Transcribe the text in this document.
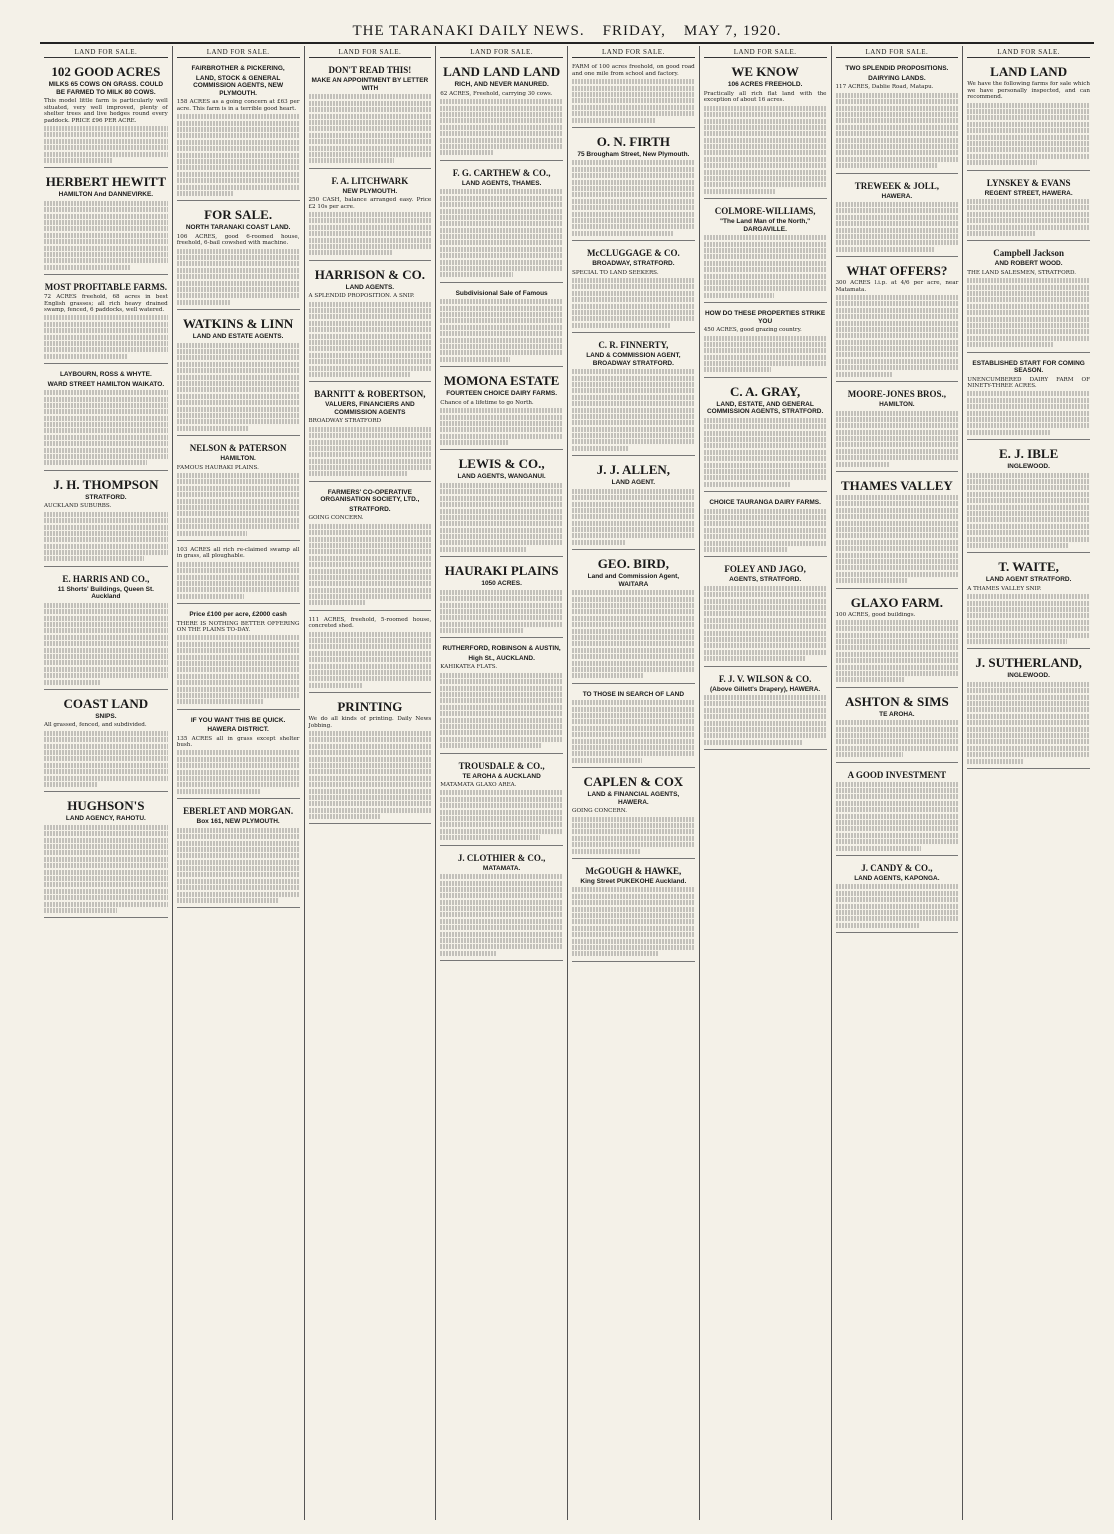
THE TARANAKI DAILY NEWS. FRIDAY, MAY 7, 1920.
LAND FOR SALE.
102 GOOD ACRES
MILKS 65 COWS ON GRASS. COULD BE FARMED TO MILK 80 COWS.
This model little farm is particularly well situated, very well improved, plenty of shelter trees and live hedges round every paddock. PRICE £96 PER ACRE.
HERBERT HEWITT
HAMILTON And DANNEVIRKE.
MOST PROFITABLE FARMS.
72 ACRES freehold, 68 acres in best English grasses; all rich heavy drained swamp, fenced, 6 paddocks, well watered.
LAYBOURN, ROSS & WHYTE.
WARD STREET HAMILTON WAIKATO.
J. H. THOMPSON
STRATFORD.
AUCKLAND SUBURBS.
E. HARRIS AND CO.,
11 Shorts' Buildings, Queen St. Auckland
COAST LAND
SNIPS.
All grassed, fenced, and subdivided.
HUGHSON'S
LAND AGENCY, RAHOTU.
LAND FOR SALE.
FAIRBROTHER & PICKERING,
LAND, STOCK & GENERAL COMMISSION AGENTS, NEW PLYMOUTH.
158 ACRES as a going concern at £63 per acre. This farm is in a terrible good heart.
FOR SALE.
NORTH TARANAKI COAST LAND.
106 ACRES, good 6-roomed house, freehold, 6-bail cowshed with machine.
WATKINS & LINN
LAND AND ESTATE AGENTS.
NELSON & PATERSON
HAMILTON.
FAMOUS HAURAKI PLAINS.
103 ACRES all rich re-claimed swamp all in grass, all ploughable.
Price £100 per acre, £2000 cash
THERE IS NOTHING BETTER OFFERING ON THE PLAINS TO-DAY.
IF YOU WANT THIS BE QUICK.
HAWERA DISTRICT.
135 ACRES all in grass except shelter bush.
EBERLET AND MORGAN.
Box 161, NEW PLYMOUTH.
LAND FOR SALE.
DON'T READ THIS!
MAKE AN APPOINTMENT BY LETTER WITH
F. A. LITCHWARK
NEW PLYMOUTH.
250 CASH, balance arranged easy. Price £2 10s per acre.
HARRISON & CO.
LAND AGENTS.
A SPLENDID PROPOSITION. A SNIP.
BARNITT & ROBERTSON,
VALUERS, FINANCIERS AND COMMISSION AGENTS
BROADWAY STRATFORD
FARMERS' CO-OPERATIVE ORGANISATION SOCIETY, LTD.,
STRATFORD.
GOING CONCERN.
111 ACRES, freehold, 5-roomed house, concreted shed.
PRINTING
We do all kinds of printing. Daily News Jobbing.
LAND FOR SALE.
LAND LAND LAND
RICH, AND NEVER MANURED.
62 ACRES, Freehold, carrying 30 cows.
F. G. CARTHEW & CO.,
LAND AGENTS, THAMES.
Subdivisional Sale of Famous
MOMONA ESTATE
FOURTEEN CHOICE DAIRY FARMS.
Chance of a lifetime to go North.
LEWIS & CO.,
LAND AGENTS, WANGANUI.
HAURAKI PLAINS
1050 ACRES.
RUTHERFORD, ROBINSON & AUSTIN,
High St., AUCKLAND.
KAHIKATEA FLATS.
TROUSDALE & CO.,
TE AROHA & AUCKLAND
MATAMATA GLAXO AREA.
J. CLOTHIER & CO.,
MATAMATA.
LAND FOR SALE.
FARM of 100 acres freehold, on good road and one mile from school and factory.
O. N. FIRTH
75 Brougham Street, New Plymouth.
McCLUGGAGE & CO.
BROADWAY, STRATFORD.
SPECIAL TO LAND SEEKERS.
C. R. FINNERTY,
LAND & COMMISSION AGENT, BROADWAY STRATFORD.
J. J. ALLEN,
LAND AGENT.
GEO. BIRD,
Land and Commission Agent, WAITARA
TO THOSE IN SEARCH OF LAND
CAPLEN & COX
LAND & FINANCIAL AGENTS, HAWERA.
GOING CONCERN.
McGOUGH & HAWKE,
King Street PUKEKOHE Auckland.
LAND FOR SALE.
WE KNOW
106 ACRES FREEHOLD.
Practically all rich flat land with the exception of about 16 acres.
COLMORE-WILLIAMS,
"The Land Man of the North," DARGAVILLE.
HOW DO THESE PROPERTIES STRIKE YOU
450 ACRES, good grazing country.
C. A. GRAY,
LAND, ESTATE, AND GENERAL COMMISSION AGENTS, STRATFORD.
CHOICE TAURANGA DAIRY FARMS.
FOLEY AND JAGO,
AGENTS, STRATFORD.
F. J. V. WILSON & CO.
(Above Gillett's Drapery), HAWERA.
LAND FOR SALE.
TWO SPLENDID PROPOSITIONS.
DAIRYING LANDS.
117 ACRES, Dablie Road, Matapu.
TREWEEK & JOLL,
HAWERA.
WHAT OFFERS?
300 ACRES l.i.p. at 4/6 per acre, near Matamata.
MOORE-JONES BROS.,
HAMILTON.
THAMES VALLEY
GLAXO FARM.
100 ACRES, good buildings.
ASHTON & SIMS
TE AROHA.
A GOOD INVESTMENT
J. CANDY & CO.,
LAND AGENTS, KAPONGA.
LAND FOR SALE.
LAND LAND
We have the following farms for sale which we have personally inspected, and can recommend.
LYNSKEY & EVANS
REGENT STREET, HAWERA.
Campbell Jackson
AND ROBERT WOOD.
THE LAND SALESMEN, STRATFORD.
ESTABLISHED START FOR COMING SEASON.
UNENCUMBERED DAIRY FARM OF NINETY-THREE ACRES.
E. J. IBLE
INGLEWOOD.
T. WAITE,
LAND AGENT STRATFORD.
A THAMES VALLEY SNIP.
J. SUTHERLAND,
INGLEWOOD.
